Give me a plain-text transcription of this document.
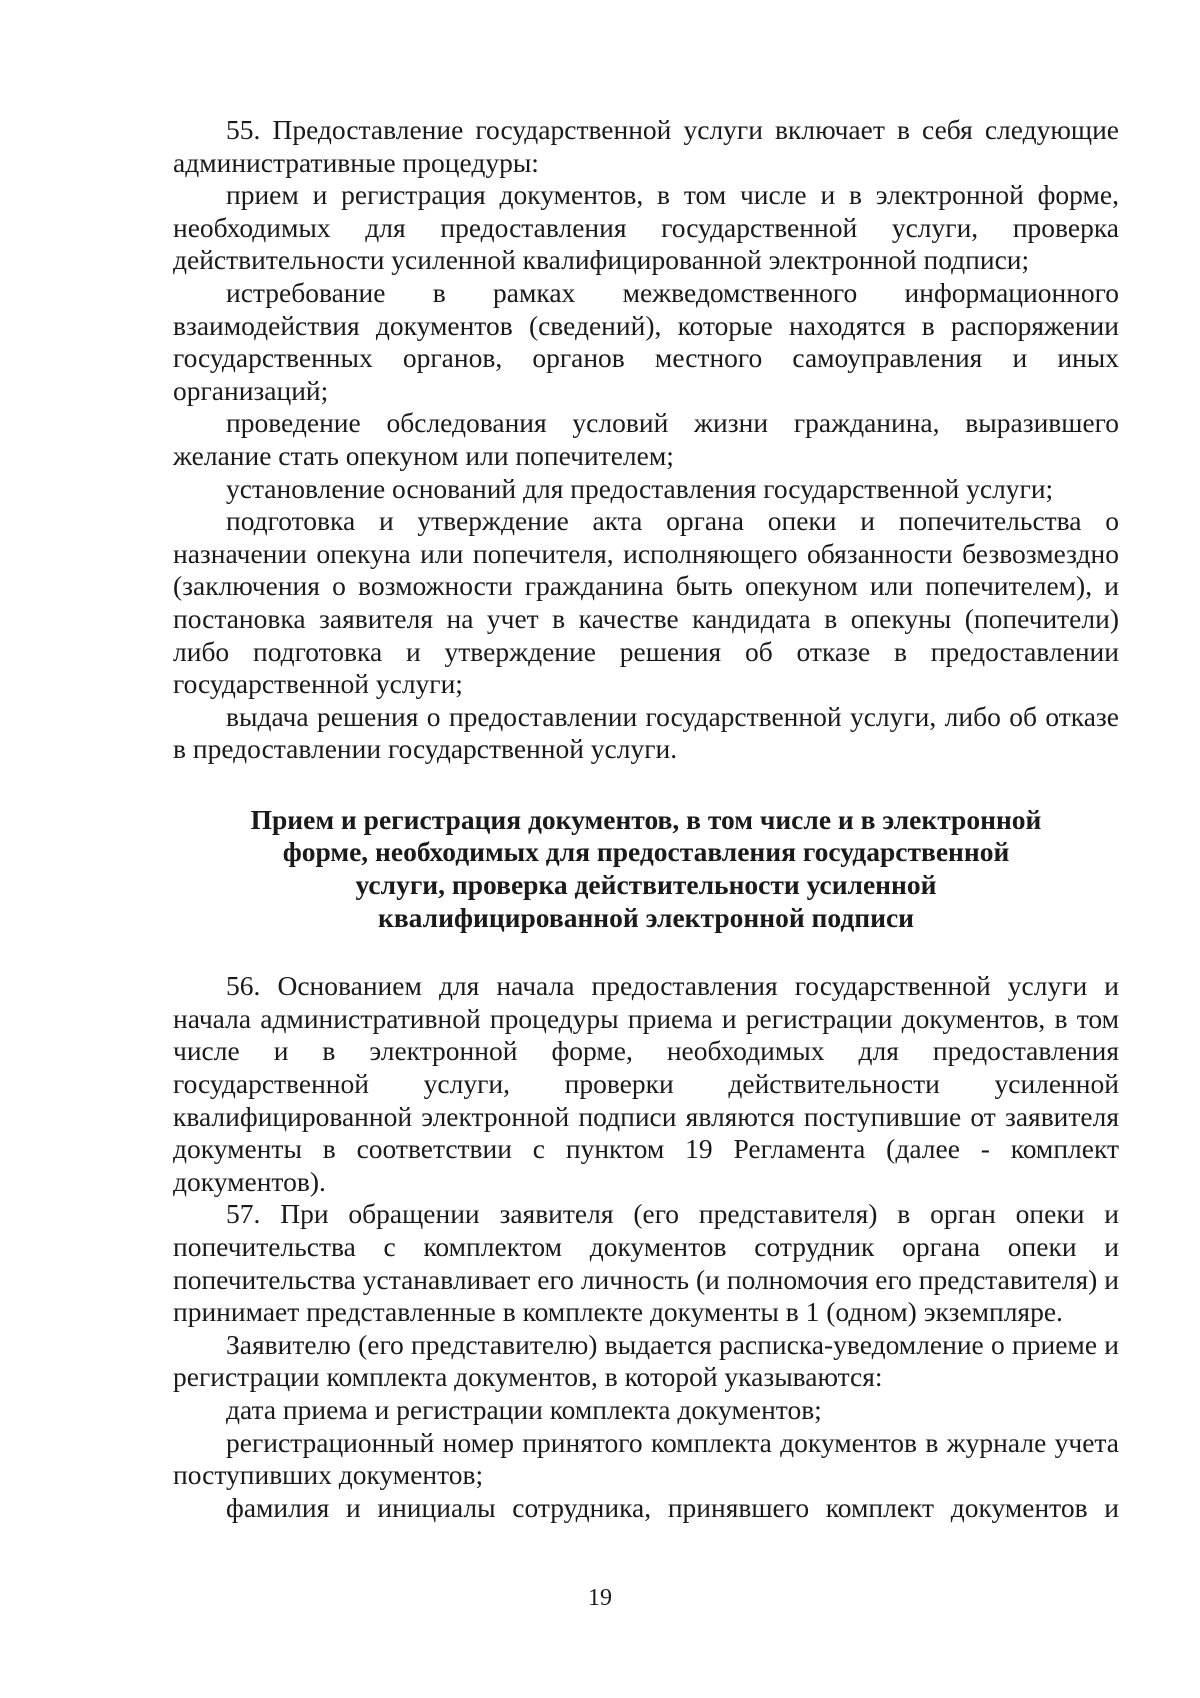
55. Предоставление государственной услуги включает в себя следующие административные процедуры:

прием и регистрация документов, в том числе и в электронной форме, необходимых для предоставления государственной услуги, проверка действительности усиленной квалифицированной электронной подписи;

истребование в рамках межведомственного информационного взаимодействия документов (сведений), которые находятся в распоряжении государственных органов, органов местного самоуправления и иных организаций;

проведение обследования условий жизни гражданина, выразившего желание стать опекуном или попечителем;

установление оснований для предоставления государственной услуги;

подготовка и утверждение акта органа опеки и попечительства о назначении опекуна или попечителя, исполняющего обязанности безвозмездно (заключения о возможности гражданина быть опекуном или попечителем), и постановка заявителя на учет в качестве кандидата в опекуны (попечители) либо подготовка и утверждение решения об отказе в предоставлении государственной услуги;

выдача решения о предоставлении государственной услуги, либо об отказе в предоставлении государственной услуги.

Прием и регистрация документов, в том числе и в электронной
форме, необходимых для предоставления государственной
услуги, проверка действительности усиленной
квалифицированной электронной подписи

56. Основанием для начала предоставления государственной услуги и начала административной процедуры приема и регистрации документов, в том числе и в электронной форме, необходимых для предоставления государственной услуги, проверки действительности усиленной квалифицированной электронной подписи являются поступившие от заявителя документы в соответствии с пунктом 19 Регламента (далее - комплект документов).

57. При обращении заявителя (его представителя) в орган опеки и попечительства с комплектом документов сотрудник органа опеки и попечительства устанавливает его личность (и полномочия его представителя) и принимает представленные в комплекте документы в 1 (одном) экземпляре.

Заявителю (его представителю) выдается расписка-уведомление о приеме и регистрации комплекта документов, в которой указываются:

дата приема и регистрации комплекта документов;

регистрационный номер принятого комплекта документов в журнале учета поступивших документов;

фамилия и инициалы сотрудника, принявшего комплект документов и

19
